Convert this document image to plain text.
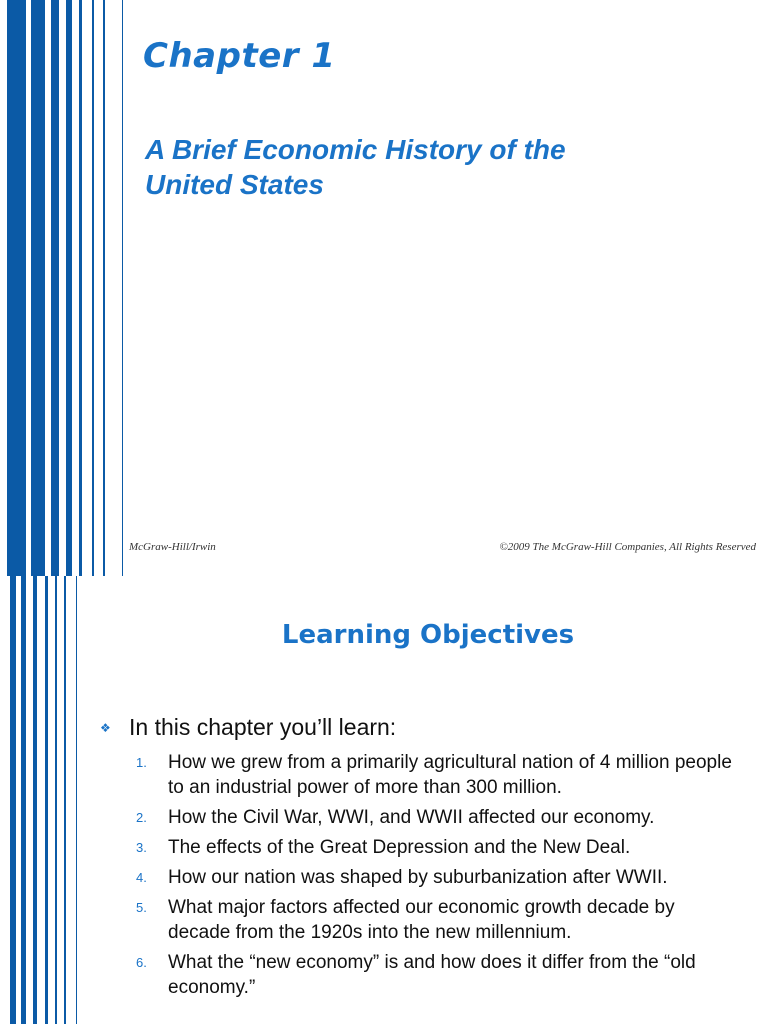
Chapter 1
A Brief Economic History of the United States
McGraw-Hill/Irwin	©2009 The McGraw-Hill Companies, All Rights Reserved
Learning Objectives
❖ In this chapter you’ll learn:
1.	How we grew from a primarily agricultural nation of 4 million people to an industrial power of more than 300 million.
2.	How the Civil War, WWI, and WWII affected our economy.
3.	The effects of the Great Depression and the New Deal.
4.	How our nation was shaped by suburbanization after WWII.
5.	What major factors affected our economic growth decade by decade from the 1920s into the new millennium.
6.	What the “new economy” is and how does it differ from the “old economy.”
